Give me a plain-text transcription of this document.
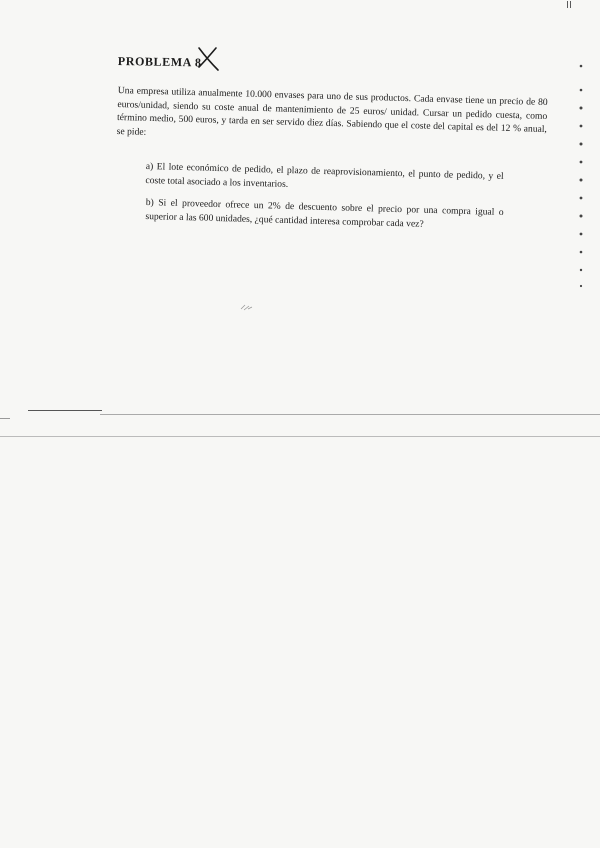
II
PROBLEMA 8

Una empresa utiliza anualmente 10.000 envases para uno de sus productos. Cada envase tiene un precio de 80 euros/unidad, siendo su coste anual de mantenimiento de 25 euros/ unidad. Cursar un pedido cuesta, como término medio, 500 euros, y tarda en ser servido diez días. Sabiendo que el coste del capital es del 12 % anual, se pide:

a) El lote económico de pedido, el plazo de reaprovisionamiento, el punto de pedido, y el coste total asociado a los inventarios.

b) Si el proveedor ofrece un 2% de descuento sobre el precio por una compra igual o superior a las 600 unidades, ¿qué cantidad interesa comprobar cada vez?
